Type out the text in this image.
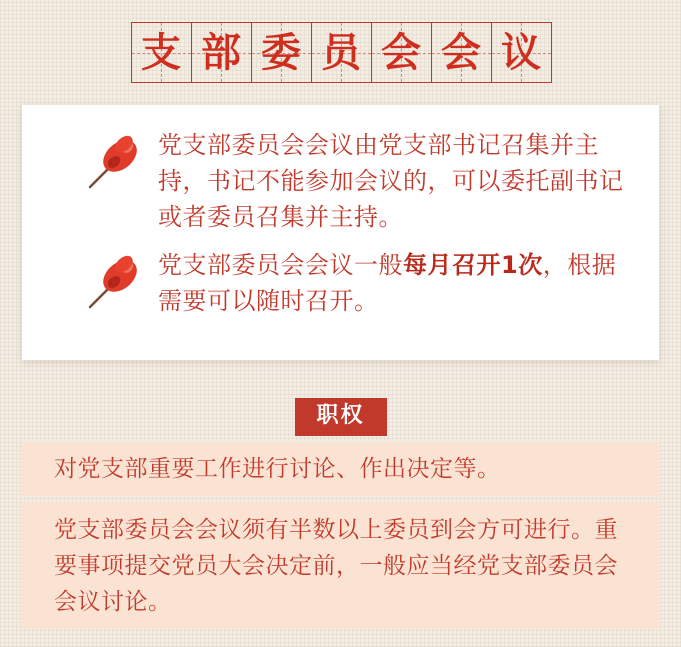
支 部 委 员 会 会 议
党支部委员会会议由党支部书记召集并主持，书记不能参加会议的，可以委托副书记或者委员召集并主持。
党支部委员会会议一般每月召开1次，根据需要可以随时召开。
职权
对党支部重要工作进行讨论、作出决定等。
党支部委员会会议须有半数以上委员到会方可进行。重要事项提交党员大会决定前，一般应当经党支部委员会会议讨论。
